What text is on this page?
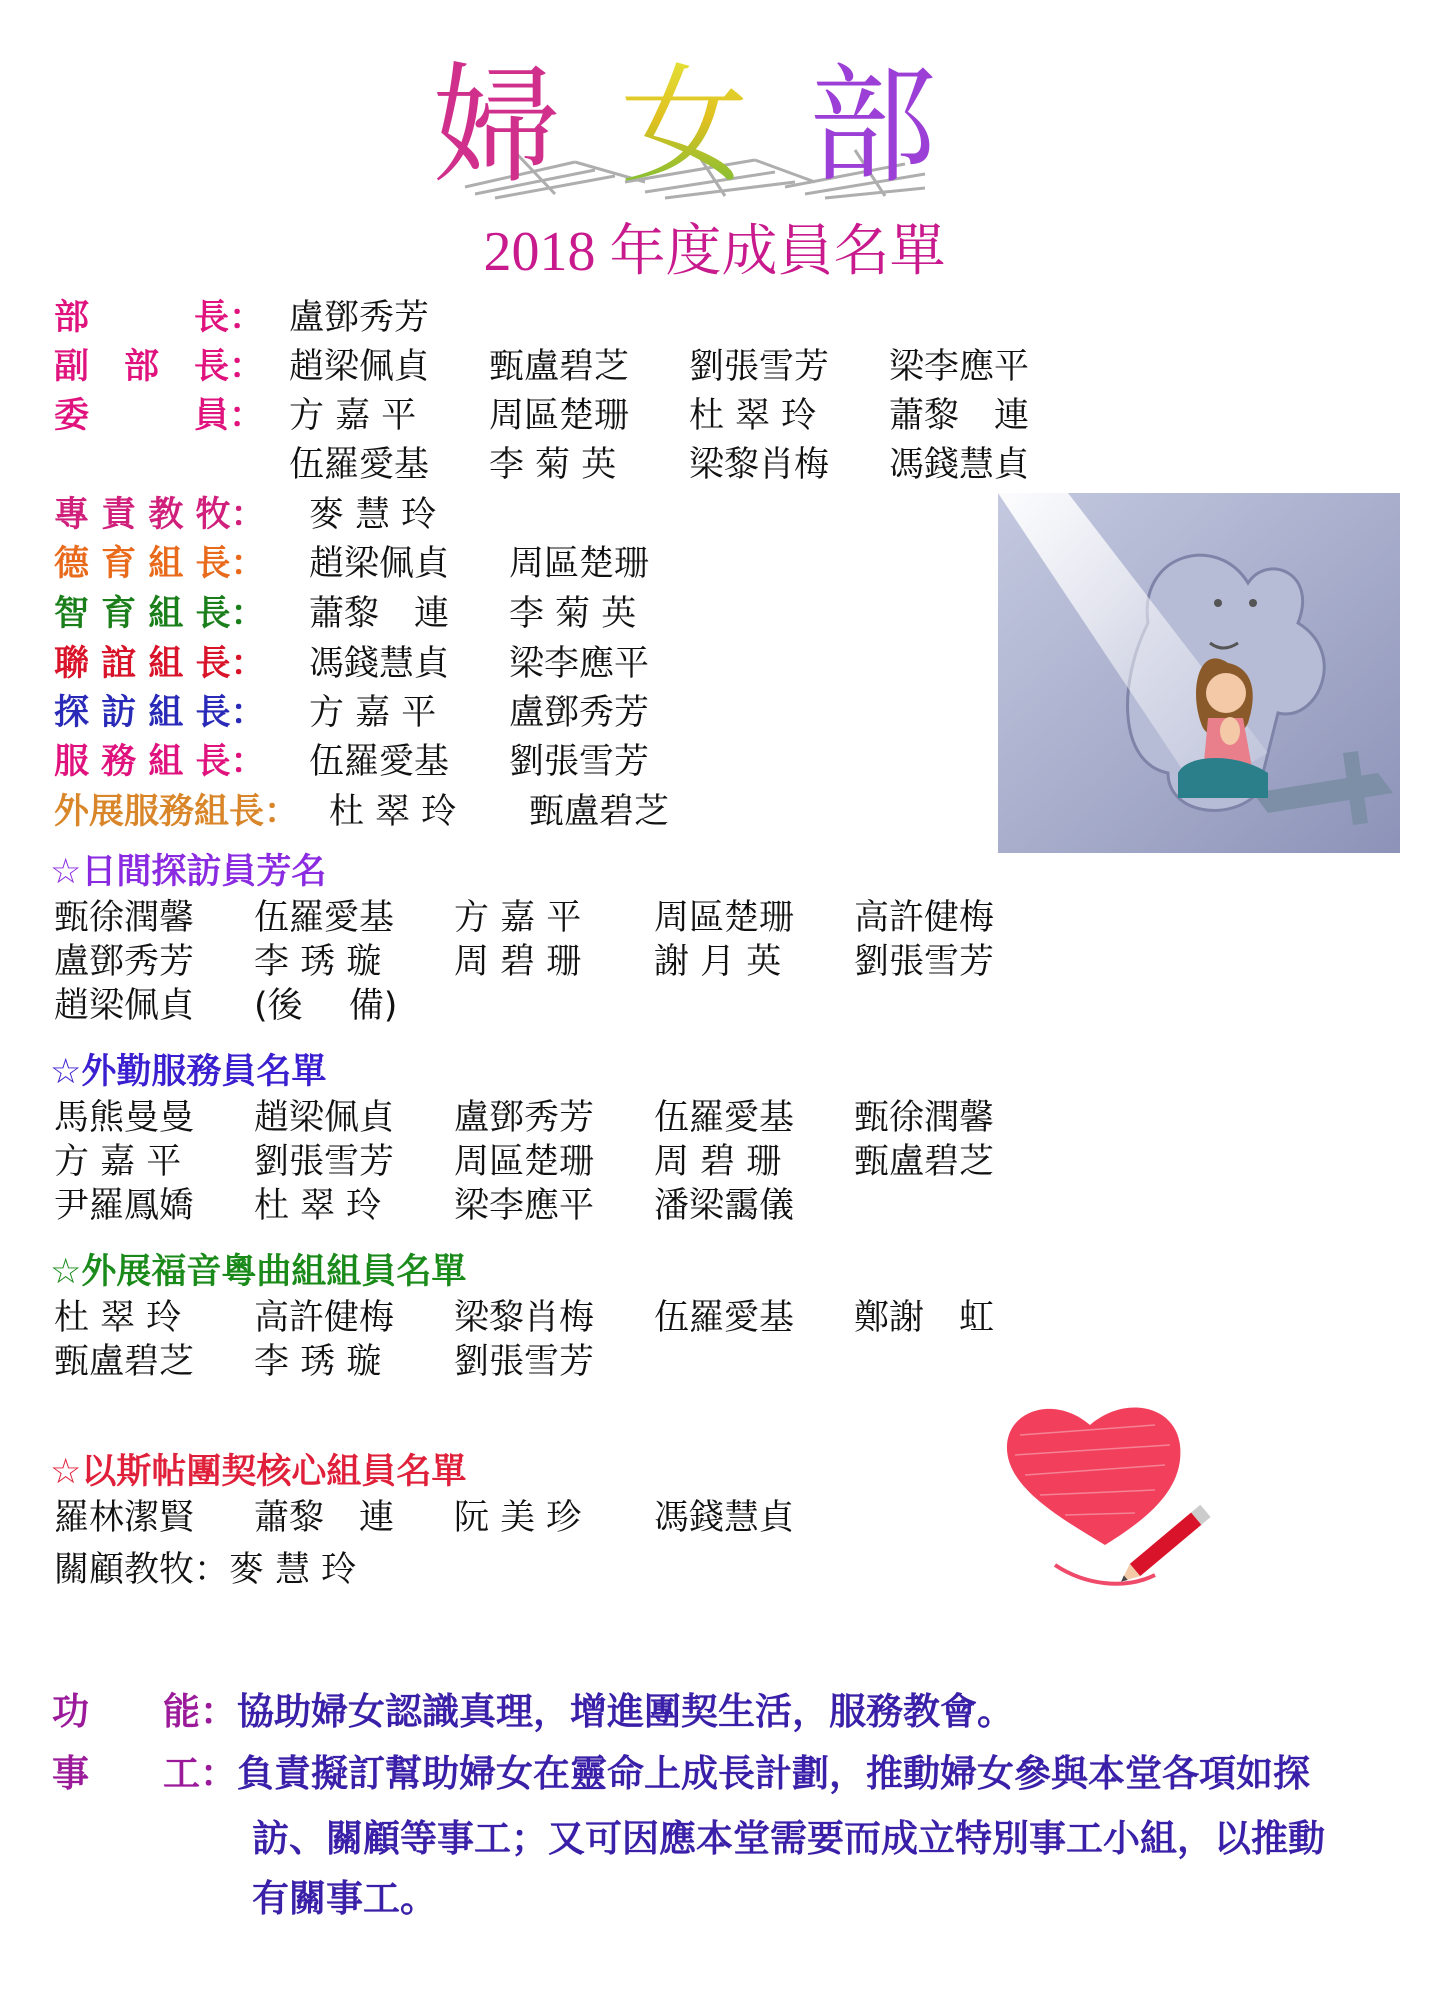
婦女部
2018 年度成員名單
部　　　長： 盧鄧秀芳
副　部　長： 趙梁佩貞 甄盧碧芝 劉張雪芳 梁李應平
委　　　員： 方 嘉 平 周區楚珊 杜 翠 玲 蕭黎　連
伍羅愛基 李 菊 英 梁黎肖梅 馮錢慧貞
專 責 教 牧： 麥 慧 玲
德 育 組 長： 趙梁佩貞 周區楚珊
智 育 組 長： 蕭黎　連 李 菊 英
聯 誼 組 長： 馮錢慧貞 梁李應平
探 訪 組 長： 方 嘉 平 盧鄧秀芳
服 務 組 長： 伍羅愛基 劉張雪芳
外展服務組長： 杜 翠 玲 甄盧碧芝
☆日間探訪員芳名
甄徐潤馨 伍羅愛基 方 嘉 平 周區楚珊 高許健梅
盧鄧秀芳 李 琇 璇 周 碧 珊 謝 月 英 劉張雪芳
趙梁佩貞 (後　 備)
☆外勤服務員名單
馬熊曼曼 趙梁佩貞 盧鄧秀芳 伍羅愛基 甄徐潤馨
方 嘉 平 劉張雪芳 周區楚珊 周 碧 珊 甄盧碧芝
尹羅鳳嬌 杜 翠 玲 梁李應平 潘梁靄儀
☆外展福音粵曲組組員名單
杜 翠 玲 高許健梅 梁黎肖梅 伍羅愛基 鄭謝　虹
甄盧碧芝 李 琇 璇 劉張雪芳
☆以斯帖團契核心組員名單
羅林潔賢 蕭黎　連 阮 美 珍 馮錢慧貞
關顧教牧：麥 慧 玲
功　　能：協助婦女認識真理，增進團契生活，服務教會。
事　　工：負責擬訂幫助婦女在靈命上成長計劃，推動婦女參與本堂各項如探
訪、關顧等事工；又可因應本堂需要而成立特別事工小組，以推動
有關事工。
